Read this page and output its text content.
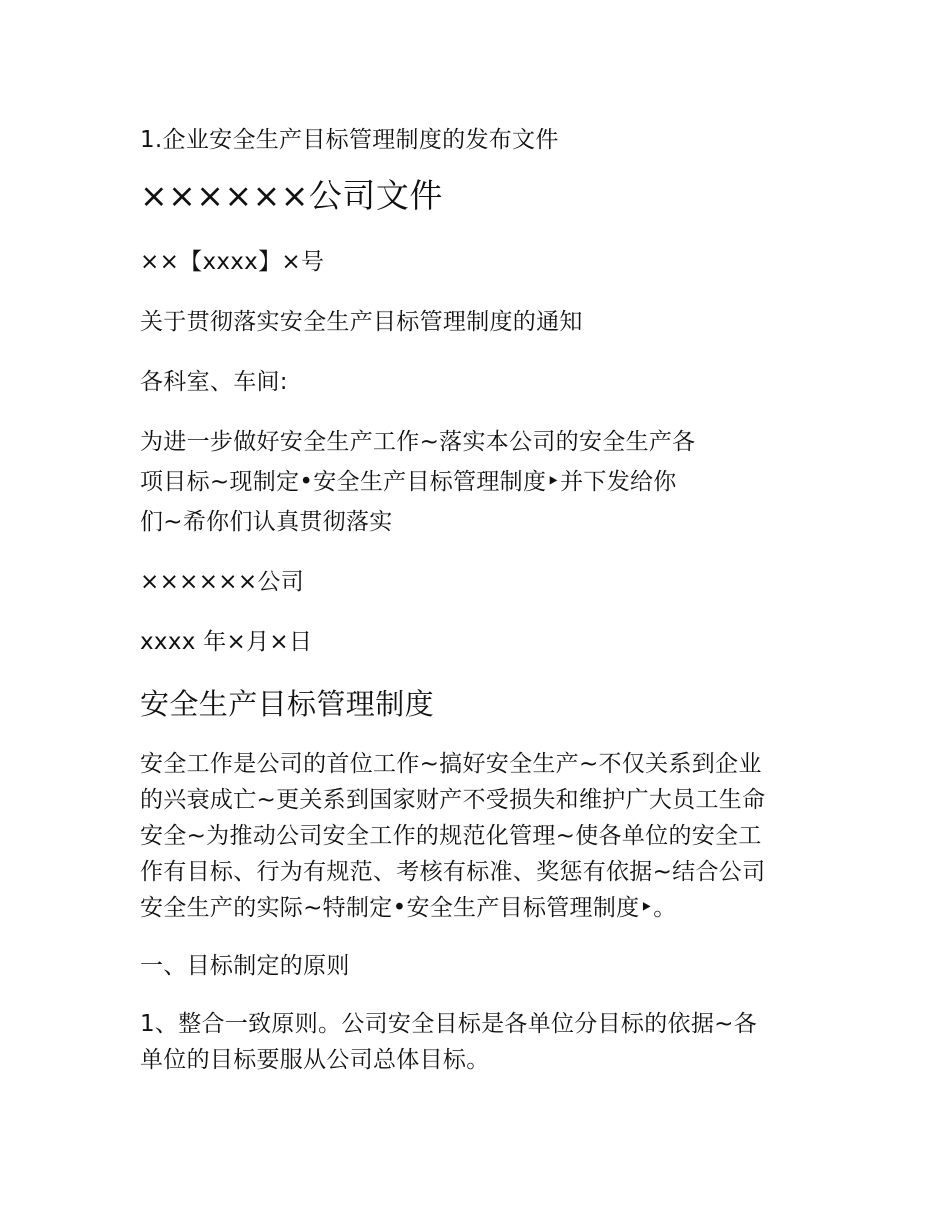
1.企业安全生产目标管理制度的发布文件

××××××公司文件

××【xxxx】×号

关于贯彻落实安全生产目标管理制度的通知

各科室、车间:

为进一步做好安全生产工作~落实本公司的安全生产各

项目标~现制定•安全生产目标管理制度‣并下发给你

们~希你们认真贯彻落实

××××××公司

xxxx 年×月×日

安全生产目标管理制度

安全工作是公司的首位工作~搞好安全生产~不仅关系到企业

的兴衰成亡~更关系到国家财产不受损失和维护广大员工生命

安全~为推动公司安全工作的规范化管理~使各单位的安全工

作有目标、行为有规范、考核有标准、奖惩有依据~结合公司

安全生产的实际~特制定•安全生产目标管理制度‣。

一、目标制定的原则

1、整合一致原则。公司安全目标是各单位分目标的依据~各

单位的目标要服从公司总体目标。
